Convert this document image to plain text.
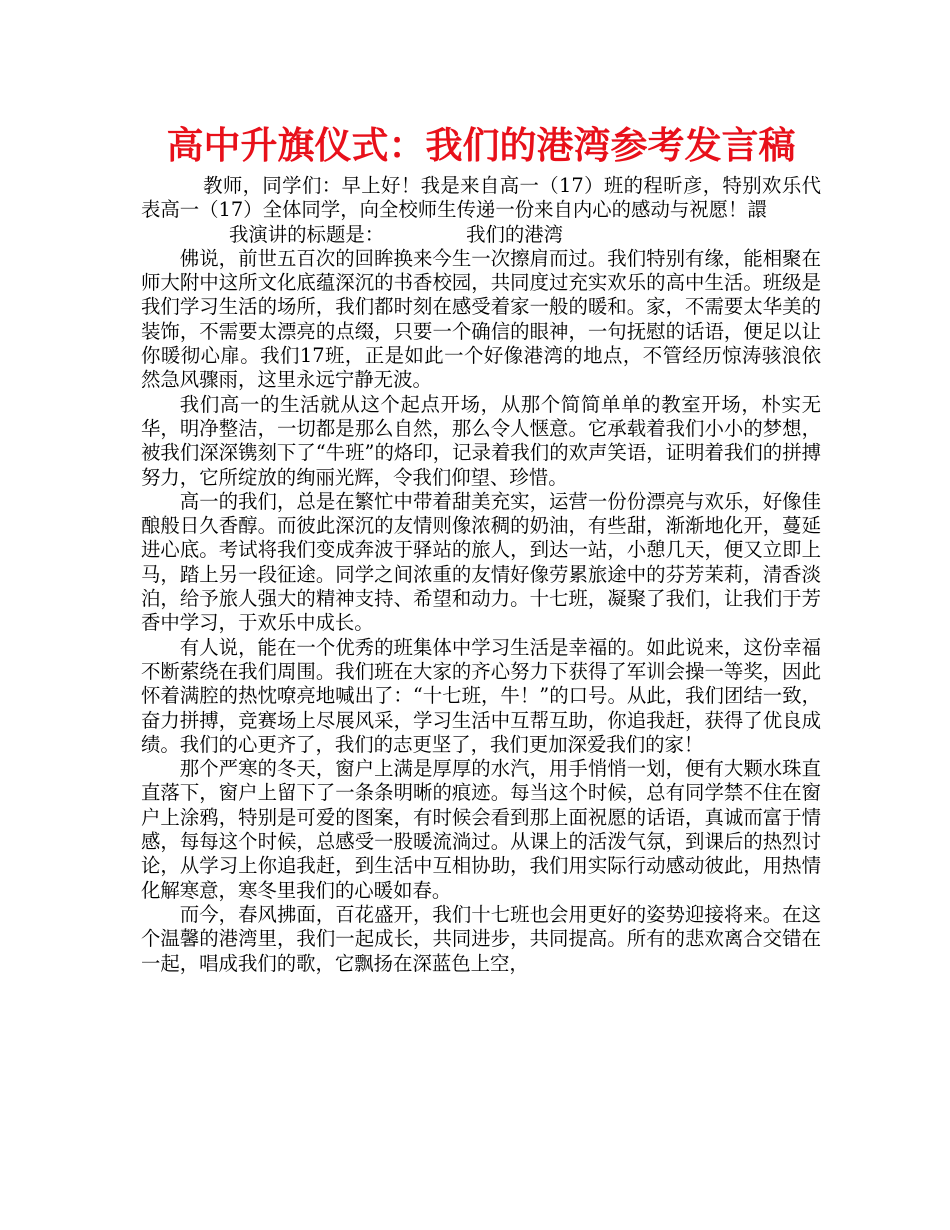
高中升旗仪式：我们的港湾参考发言稿

教师，同学们：早上好！我是来自高一（17）班的程昕彦，特别欢乐代表高一（17）全体同学，向全校师生传递一份来自内心的感动与祝愿！譞

我演讲的标题是：	我们的港湾

佛说，前世五百次的回眸换来今生一次擦肩而过。我们特别有缘，能相聚在师大附中这所文化底蕴深沉的书香校园，共同度过充实欢乐的高中生活。班级是我们学习生活的场所，我们都时刻在感受着家一般的暖和。家，不需要太华美的装饰，不需要太漂亮的点缀，只要一个确信的眼神，一句抚慰的话语，便足以让你暖彻心扉。我们17班，正是如此一个好像港湾的地点，不管经历惊涛骇浪依然急风骤雨，这里永远宁静无波。

我们高一的生活就从这个起点开场，从那个简简单单的教室开场，朴实无华，明净整洁，一切都是那么自然，那么令人惬意。它承载着我们小小的梦想，被我们深深镌刻下了“牛班”的烙印，记录着我们的欢声笑语，证明着我们的拼搏努力，它所绽放的绚丽光辉，令我们仰望、珍惜。

高一的我们，总是在繁忙中带着甜美充实，运营一份份漂亮与欢乐，好像佳酿般日久香醇。而彼此深沉的友情则像浓稠的奶油，有些甜，渐渐地化开，蔓延进心底。考试将我们变成奔波于驿站的旅人，到达一站，小憩几天，便又立即上马，踏上另一段征途。同学之间浓重的友情好像劳累旅途中的芬芳茉莉，清香淡泊，给予旅人强大的精神支持、希望和动力。十七班，凝聚了我们，让我们于芳香中学习，于欢乐中成长。

有人说，能在一个优秀的班集体中学习生活是幸福的。如此说来，这份幸福不断萦绕在我们周围。我们班在大家的齐心努力下获得了军训会操一等奖，因此怀着满腔的热忱嘹亮地喊出了：“十七班，牛！”的口号。从此，我们团结一致，奋力拼搏，竞赛场上尽展风采，学习生活中互帮互助，你追我赶，获得了优良成绩。我们的心更齐了，我们的志更坚了，我们更加深爱我们的家！

那个严寒的冬天，窗户上满是厚厚的水汽，用手悄悄一划，便有大颗水珠直直落下，窗户上留下了一条条明晰的痕迹。每当这个时候，总有同学禁不住在窗户上涂鸦，特别是可爱的图案，有时候会看到那上面祝愿的话语，真诚而富于情感，每每这个时候，总感受一股暖流淌过。从课上的活泼气氛，到课后的热烈讨论，从学习上你追我赶，到生活中互相协助，我们用实际行动感动彼此，用热情化解寒意，寒冬里我们的心暖如春。

而今，春风拂面，百花盛开，我们十七班也会用更好的姿势迎接将来。在这个温馨的港湾里，我们一起成长，共同进步，共同提高。所有的悲欢离合交错在一起，唱成我们的歌，它飘扬在深蓝色上空，
